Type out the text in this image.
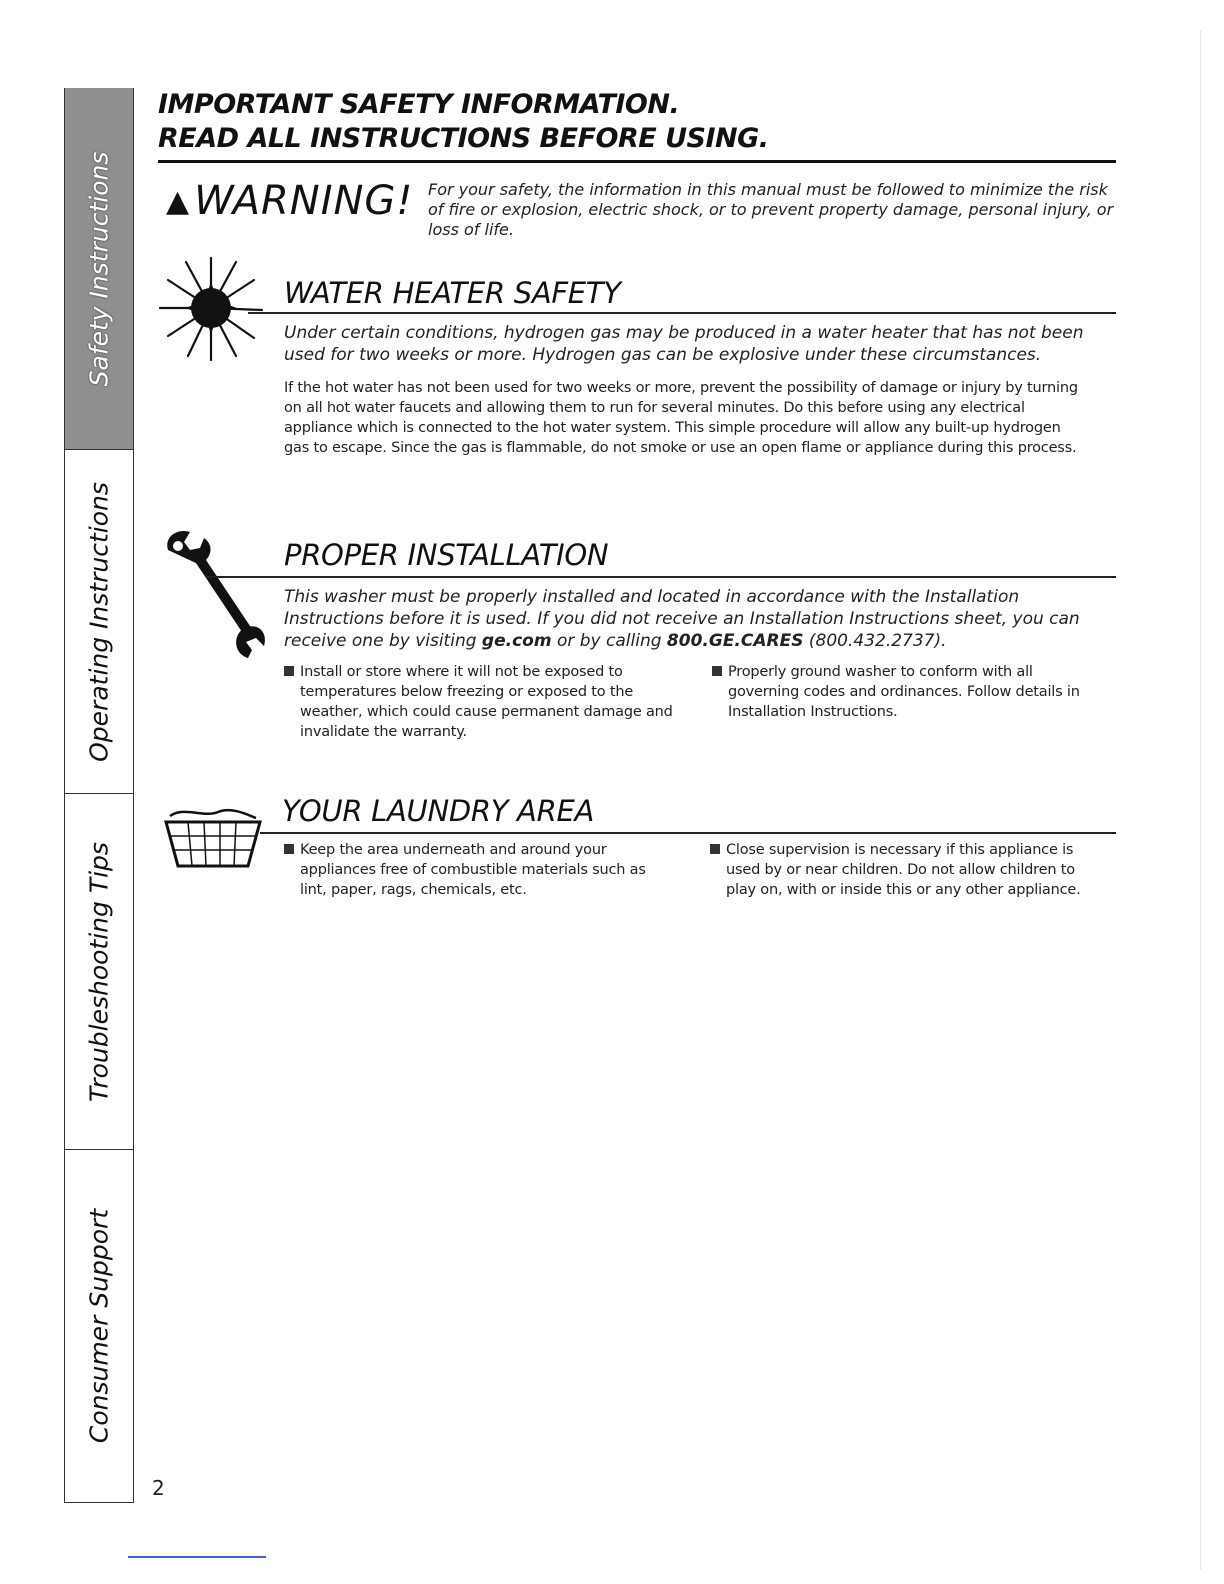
Safety Instructions
Operating Instructions
Troubleshooting Tips
Consumer Support
IMPORTANT SAFETY INFORMATION.
READ ALL INSTRUCTIONS BEFORE USING.
▲ WARNING! For your safety, the information in this manual must be followed to minimize the risk of fire or explosion, electric shock, or to prevent property damage, personal injury, or loss of life.
WATER HEATER SAFETY
Under certain conditions, hydrogen gas may be produced in a water heater that has not been used for two weeks or more. Hydrogen gas can be explosive under these circumstances.
If the hot water has not been used for two weeks or more, prevent the possibility of damage or injury by turning on all hot water faucets and allowing them to run for several minutes. Do this before using any electrical appliance which is connected to the hot water system. This simple procedure will allow any built-up hydrogen gas to escape. Since the gas is flammable, do not smoke or use an open flame or appliance during this process.
PROPER INSTALLATION
This washer must be properly installed and located in accordance with the Installation Instructions before it is used. If you did not receive an Installation Instructions sheet, you can receive one by visiting ge.com or by calling 800.GE.CARES (800.432.2737).

Install or store where it will not be exposed to temperatures below freezing or exposed to the weather, which could cause permanent damage and invalidate the warranty.

Properly ground washer to conform with all governing codes and ordinances. Follow details in Installation Instructions.

YOUR LAUNDRY AREA

Keep the area underneath and around your appliances free of combustible materials such as lint, paper, rags, chemicals, etc.

Close supervision is necessary if this appliance is used by or near children. Do not allow children to play on, with or inside this or any other appliance.

2
